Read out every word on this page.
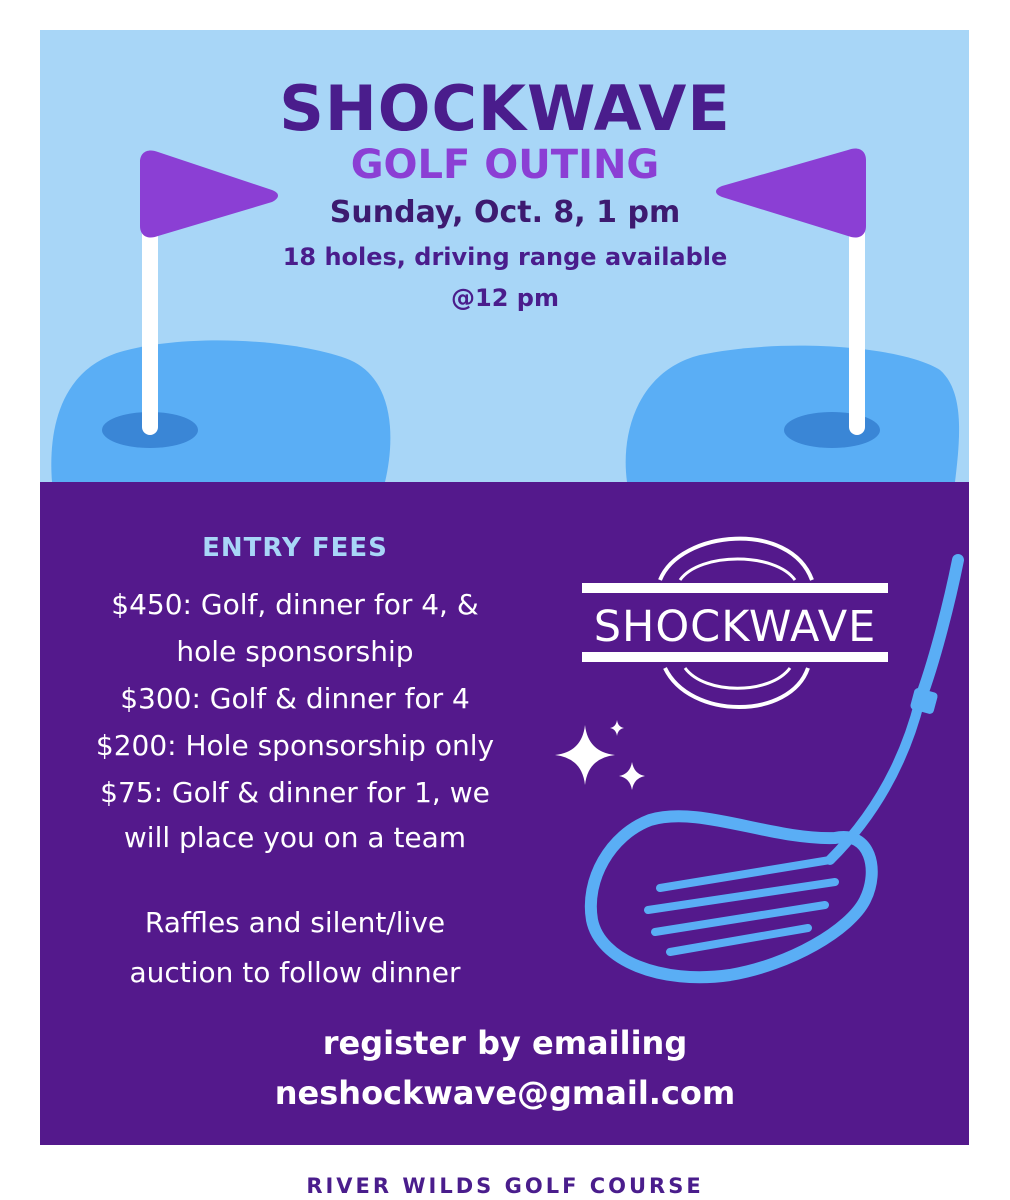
SHOCKWAVE
SHOCKWAVE
GOLF OUTING

Sunday, Oct. 8, 1 pm

18 holes, driving range available

@12 pm

ENTRY FEES

$450: Golf, dinner for 4, &

hole sponsorship

$300: Golf & dinner for 4

$200: Hole sponsorship only

$75: Golf & dinner for 1, we

will place you on a team

Raffles and silent/live

auction to follow dinner

register by emailing

neshockwave@gmail.com

RIVER WILDS GOLF COURSE
